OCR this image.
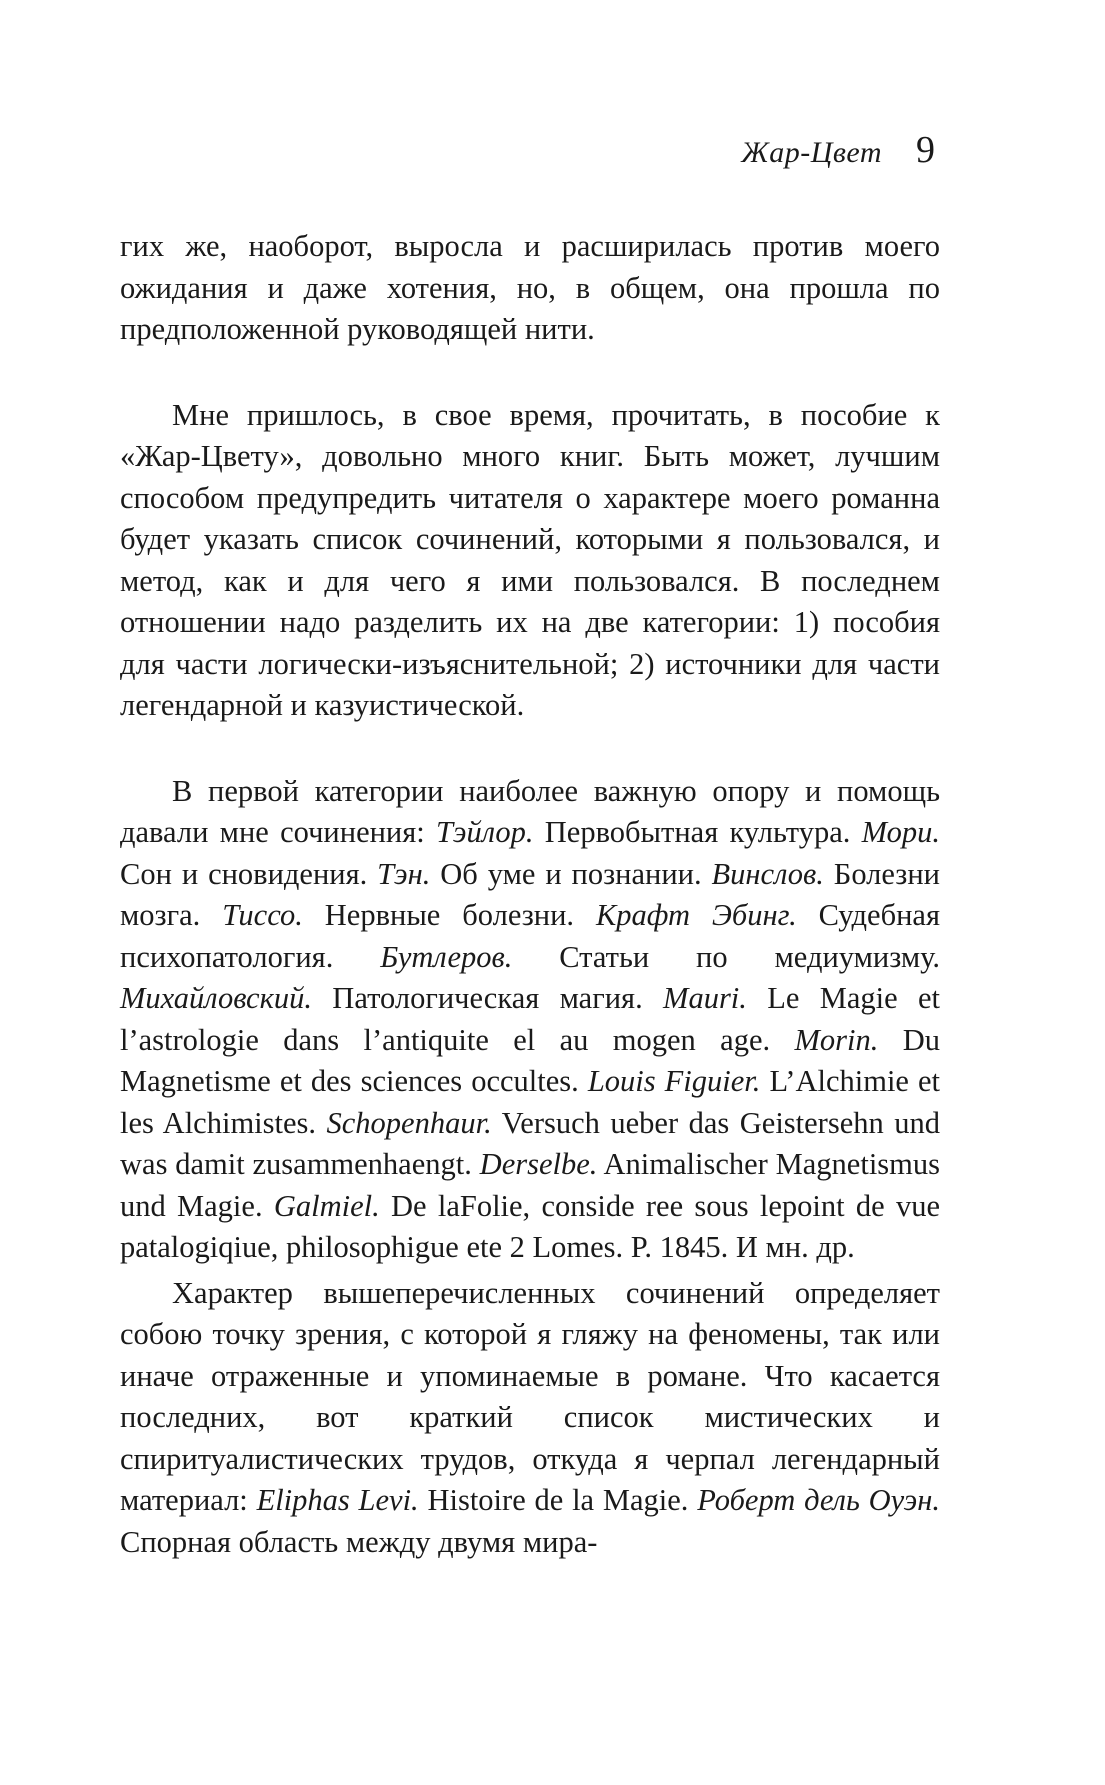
Жар-Цвет 9

гих же, наоборот, выросла и расширилась против моего ожидания и даже хотения, но, в общем, она прошла по предположенной руководящей нити.

Мне пришлось, в свое время, прочитать, в пособие к «Жар-Цвету», довольно много книг. Быть может, лучшим способом предупредить читателя о характере моего романна будет указать список сочинений, которыми я пользовался, и метод, как и для чего я ими пользовался. В последнем отношении надо разделить их на две категории: 1) пособия для части логически-изъяснительной; 2) источники для части легендарной и казуистической.

В первой категории наиболее важную опору и помощь давали мне сочинения: Тэйлор. Первобытная культура. Мори. Сон и сновидения. Тэн. Об уме и познании. Винслов. Болезни мозга. Тиссо. Нервные болезни. Крафт Эбинг. Судебная психопатология. Бутлеров. Статьи по медиумизму. Михайловский. Патологическая магия. Mauri. Le Magie et l’astrologie dans l’antiquite el au mogen age. Morin. Du Magnetisme et des sciences occultes. Louis Figuier. L’Alchimie et les Alchimistes. Schopenhaur. Versuch ueber das Geistersehn und was damit zusammenhaengt. Derselbe. Animalischer Magnetismus und Magie. Galmiel. De laFolie, conside ree sous lepoint de vue patalogiqiue, philosophigue ete 2 Lomes. P. 1845. И мн. др.

Характер вышеперечисленных сочинений определяет собою точку зрения, с которой я гляжу на феномены, так или иначе отраженные и упоминаемые в романе. Что касается последних, вот краткий список мистических и спиритуалистических трудов, откуда я черпал легендарный материал: Eliphas Levi. Histoire de la Magie. Роберт дель Оуэн. Спорная область между двумя мира-
